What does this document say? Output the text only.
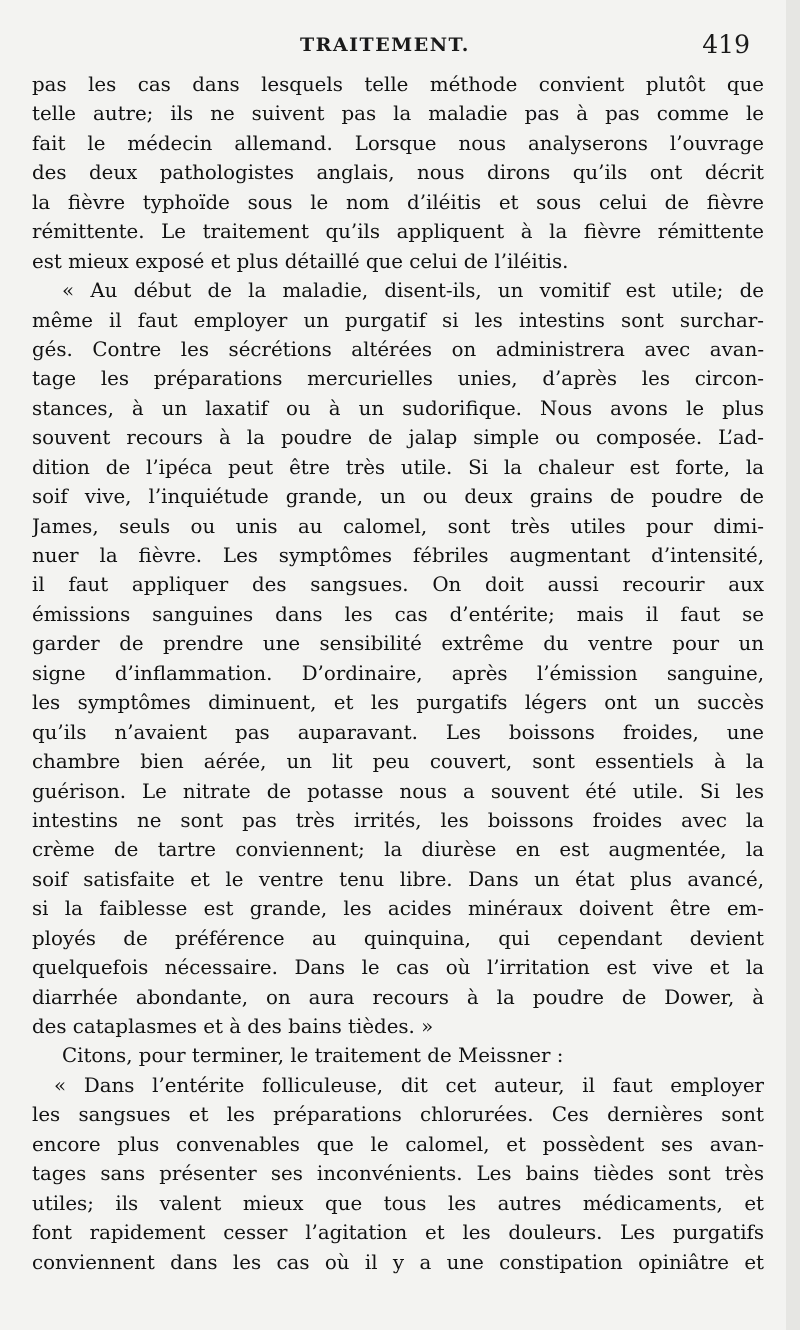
TRAITEMENT.	419
pas les cas dans lesquels telle méthode convient plutôt que
telle autre; ils ne suivent pas la maladie pas à pas comme le
fait le médecin allemand. Lorsque nous analyserons l’ouvrage
des deux pathologistes anglais, nous dirons qu’ils ont décrit
la fièvre typhoïde sous le nom d’iléitis et sous celui de fièvre
rémittente. Le traitement qu’ils appliquent à la fièvre rémittente
est mieux exposé et plus détaillé que celui de l’iléitis.
« Au début de la maladie, disent-ils, un vomitif est utile; de
même il faut employer un purgatif si les intestins sont surchar-
gés. Contre les sécrétions altérées on administrera avec avan-
tage les préparations mercurielles unies, d’après les circon-
stances, à un laxatif ou à un sudorifique. Nous avons le plus
souvent recours à la poudre de jalap simple ou composée. L’ad-
dition de l’ipéca peut être très utile. Si la chaleur est forte, la
soif vive, l’inquiétude grande, un ou deux grains de poudre de
James, seuls ou unis au calomel, sont très utiles pour dimi-
nuer la fièvre. Les symptômes fébriles augmentant d’intensité,
il faut appliquer des sangsues. On doit aussi recourir aux
émissions sanguines dans les cas d’entérite; mais il faut se
garder de prendre une sensibilité extrême du ventre pour un
signe d’inflammation. D’ordinaire, après l’émission sanguine,
les symptômes diminuent, et les purgatifs légers ont un succès
qu’ils n’avaient pas auparavant. Les boissons froides, une
chambre bien aérée, un lit peu couvert, sont essentiels à la
guérison. Le nitrate de potasse nous a souvent été utile. Si les
intestins ne sont pas très irrités, les boissons froides avec la
crème de tartre conviennent; la diurèse en est augmentée, la
soif satisfaite et le ventre tenu libre. Dans un état plus avancé,
si la faiblesse est grande, les acides minéraux doivent être em-
ployés de préférence au quinquina, qui cependant devient
quelquefois nécessaire. Dans le cas où l’irritation est vive et la
diarrhée abondante, on aura recours à la poudre de Dower, à
des cataplasmes et à des bains tièdes. »
Citons, pour terminer, le traitement de Meissner :
« Dans l’entérite folliculeuse, dit cet auteur, il faut employer
les sangsues et les préparations chlorurées. Ces dernières sont
encore plus convenables que le calomel, et possèdent ses avan-
tages sans présenter ses inconvénients. Les bains tièdes sont très
utiles; ils valent mieux que tous les autres médicaments, et
font rapidement cesser l’agitation et les douleurs. Les purgatifs
conviennent dans les cas où il y a une constipation opiniâtre et
